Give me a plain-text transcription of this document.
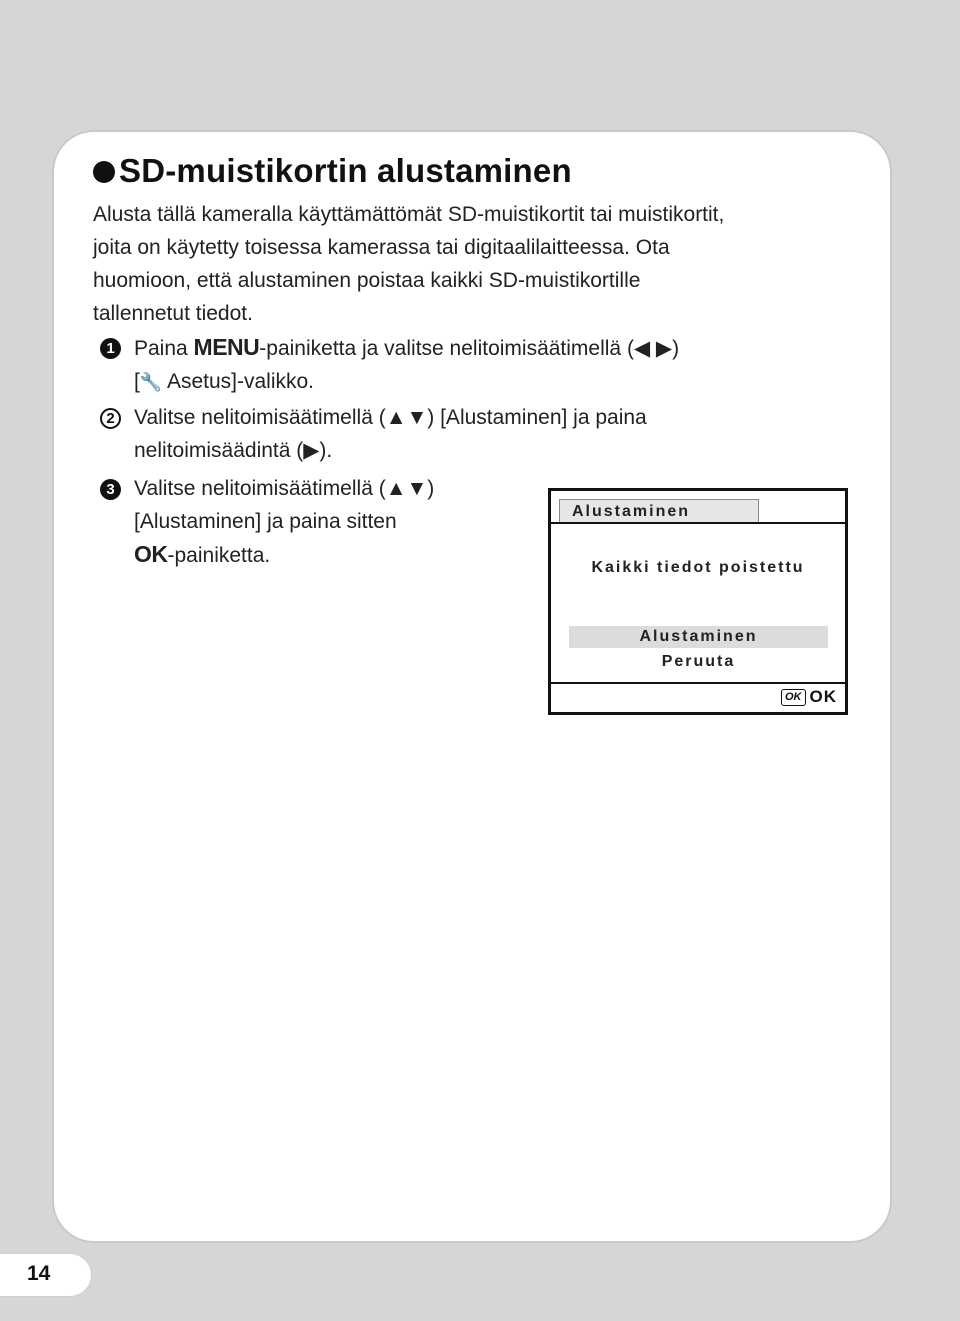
SD-muistikortin alustaminen
Alusta tällä kameralla käyttämättömät SD-muistikortit tai muistikortit,
joita on käytetty toisessa kamerassa tai digitaalilaitteessa. Ota
huomioon, että alustaminen poistaa kaikki SD-muistikortille
tallennetut tiedot.
1 Paina MENU-painiketta ja valitse nelitoimisäätimellä (◀ ▶)
[🔧 Asetus]-valikko.
2 Valitse nelitoimisäätimellä (▲▼) [Alustaminen] ja paina
nelitoimisäädintä (▶).
3 Valitse nelitoimisäätimellä (▲▼)
[Alustaminen] ja paina sitten
OK-painiketta.
Alustaminen
Kaikki tiedot poistettu
Alustaminen
Peruuta
OK OK
14
